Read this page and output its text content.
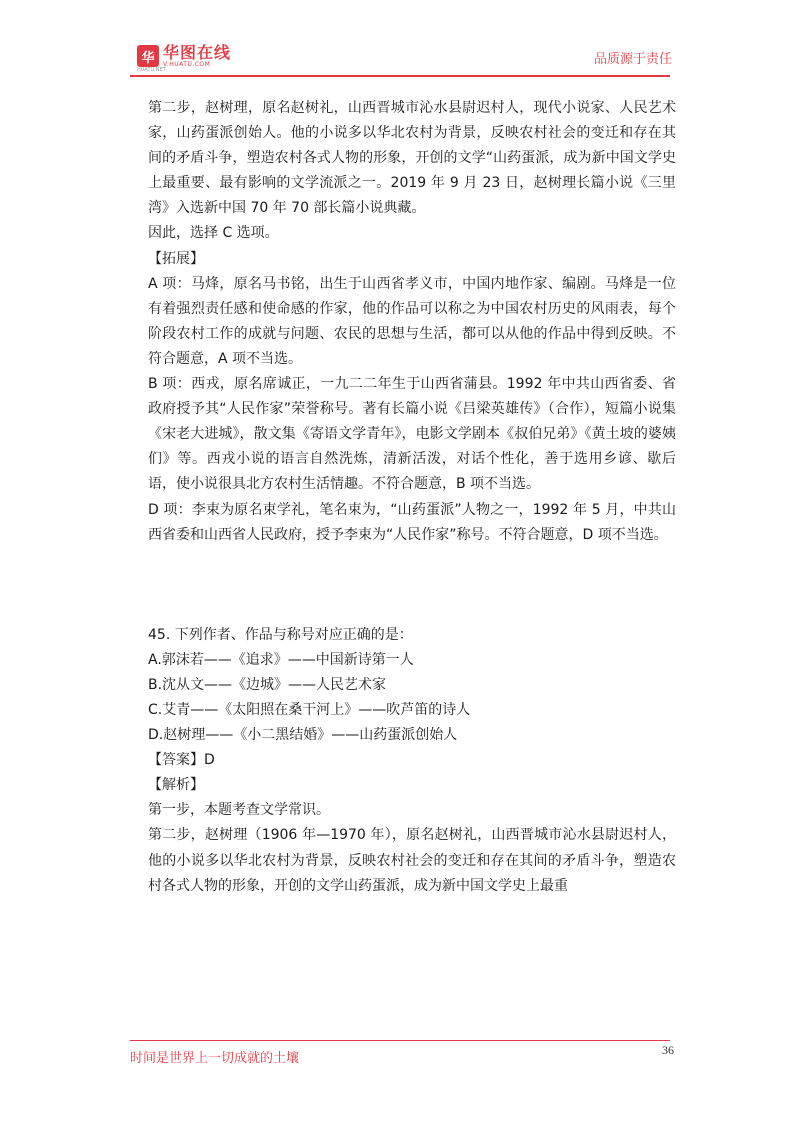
华 华图在线
V.HUATU.COM
HUATU.NET
品质源于责任

第二步，赵树理，原名赵树礼，山西晋城市沁水县尉迟村人，现代小说家、人民艺术家，山药蛋派创始人。他的小说多以华北农村为背景，反映农村社会的变迁和存在其间的矛盾斗争，塑造农村各式人物的形象，开创的文学“山药蛋派，成为新中国文学史上最重要、最有影响的文学流派之一。2019 年 9 月 23 日，赵树理长篇小说《三里湾》入选新中国 70 年 70 部长篇小说典藏。

因此，选择 C 选项。

【拓展】

A 项：马烽，原名马书铭，出生于山西省孝义市，中国内地作家、编剧。马烽是一位有着强烈责任感和使命感的作家，他的作品可以称之为中国农村历史的风雨表，每个阶段农村工作的成就与问题、农民的思想与生活，都可以从他的作品中得到反映。不符合题意，A 项不当选。

B 项：西戎，原名席诚正，一九二二年生于山西省蒲县。1992 年中共山西省委、省政府授予其“人民作家”荣誉称号。著有长篇小说《吕梁英雄传》（合作），短篇小说集《宋老大进城》，散文集《寄语文学青年》，电影文学剧本《叔伯兄弟》《黄土坡的婆姨们》等。西戎小说的语言自然洗炼，清新活泼，对话个性化，善于选用乡谚、歇后语，使小说很具北方农村生活情趣。不符合题意，B 项不当选。

D 项：李束为原名束学礼，笔名束为，“山药蛋派”人物之一，1992 年 5 月，中共山西省委和山西省人民政府，授予李束为“人民作家”称号。不符合题意，D 项不当选。

45. 下列作者、作品与称号对应正确的是：

A.郭沫若——《追求》——中国新诗第一人

B.沈从文——《边城》——人民艺术家

C.艾青——《太阳照在桑干河上》——吹芦笛的诗人

D.赵树理——《小二黑结婚》——山药蛋派创始人

【答案】D

【解析】

第一步，本题考查文学常识。

第二步，赵树理（1906 年—1970 年），原名赵树礼，山西晋城市沁水县尉迟村人，他的小说多以华北农村为背景，反映农村社会的变迁和存在其间的矛盾斗争，塑造农村各式人物的形象，开创的文学山药蛋派，成为新中国文学史上最重

时间是世界上一切成就的土壤
36
